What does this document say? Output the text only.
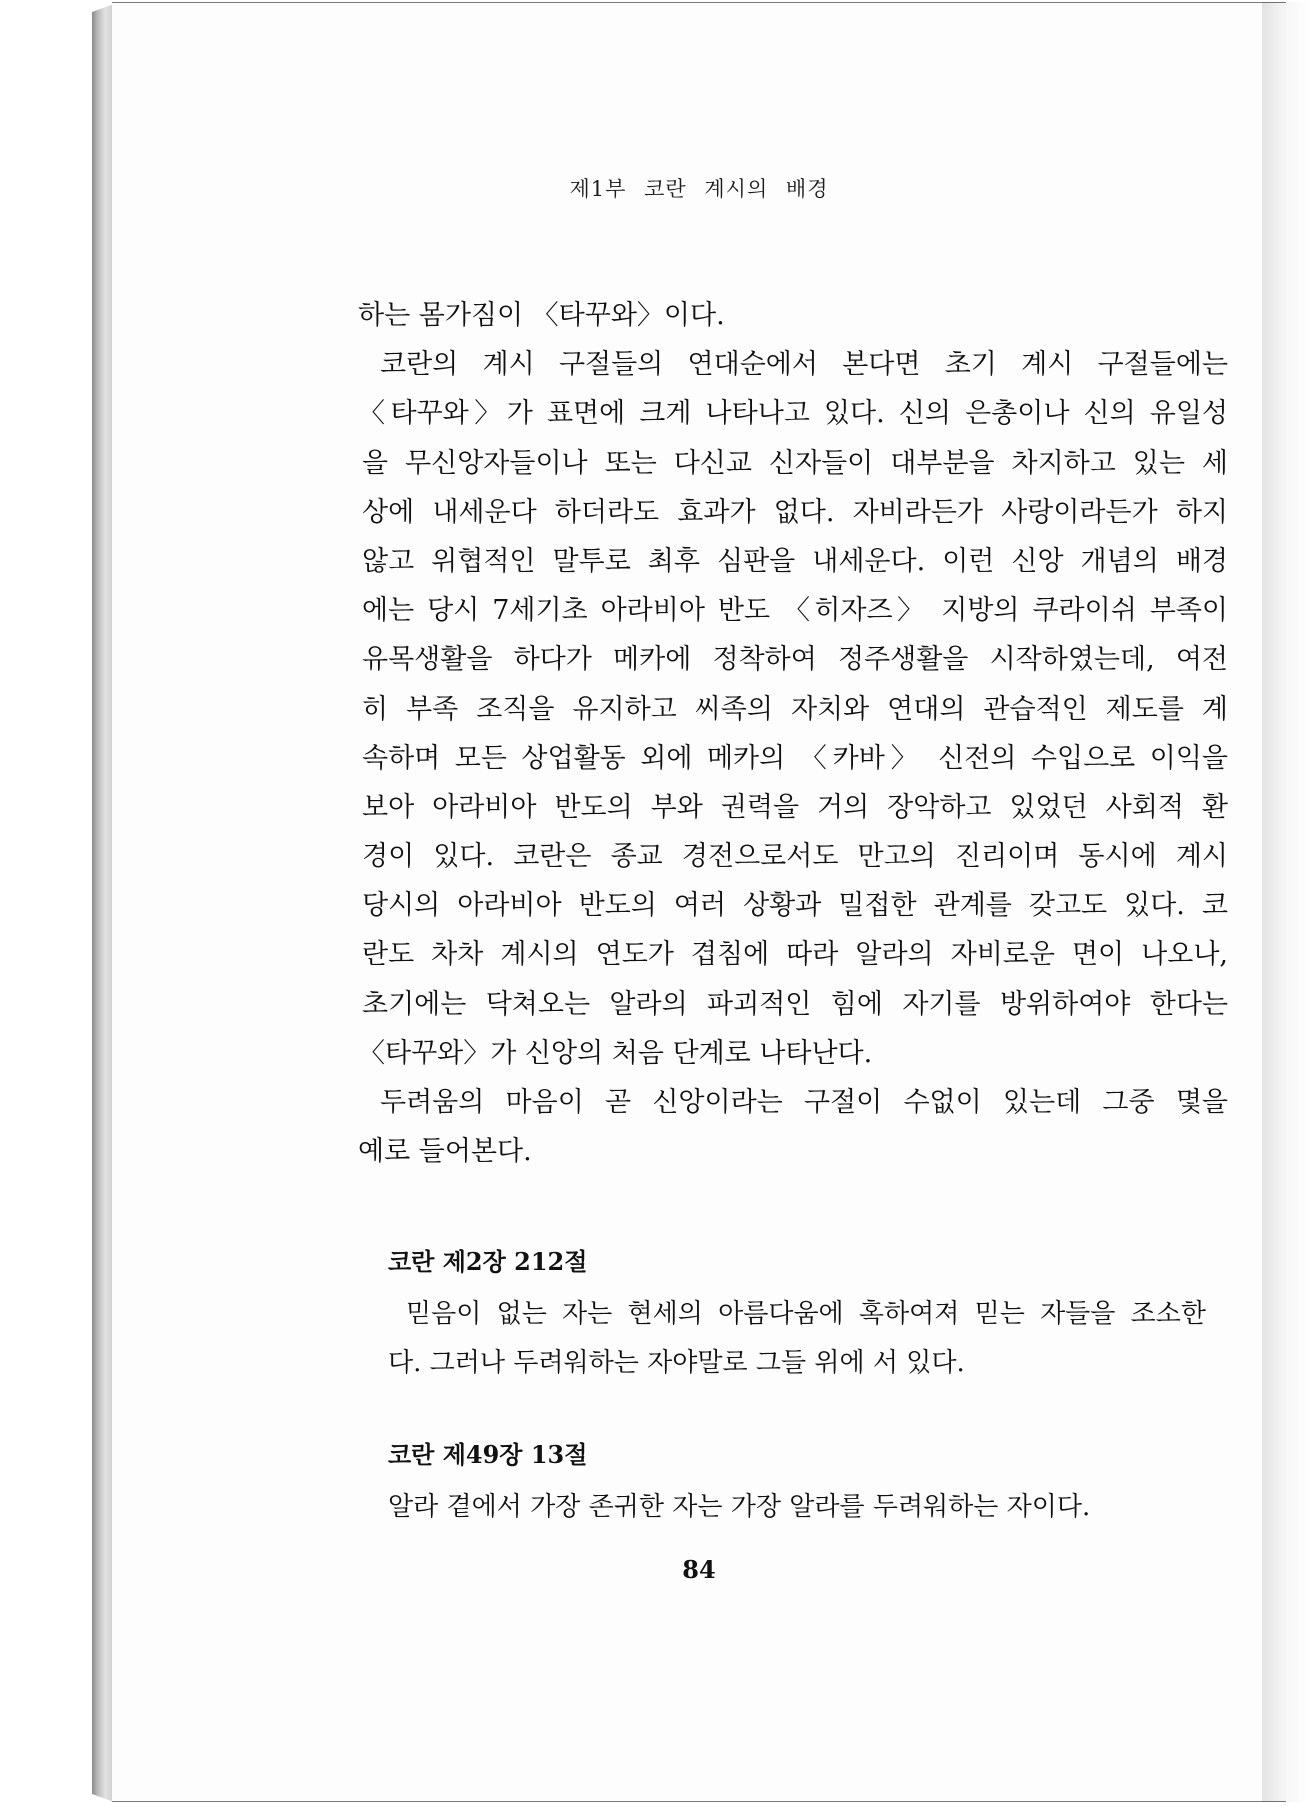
제1부 코란 계시의 배경
하는 몸가짐이 〈타꾸와〉이다.
코란의 계시 구절들의 연대순에서 본다면 초기 계시 구절들에는
〈타꾸와〉가 표면에 크게 나타나고 있다. 신의 은총이나 신의 유일성
을 무신앙자들이나 또는 다신교 신자들이 대부분을 차지하고 있는 세
상에 내세운다 하더라도 효과가 없다. 자비라든가 사랑이라든가 하지
않고 위협적인 말투로 최후 심판을 내세운다. 이런 신앙 개념의 배경
에는 당시 7세기초 아라비아 반도 〈히자즈〉 지방의 쿠라이쉬 부족이
유목생활을 하다가 메카에 정착하여 정주생활을 시작하였는데, 여전
히 부족 조직을 유지하고 씨족의 자치와 연대의 관습적인 제도를 계
속하며 모든 상업활동 외에 메카의 〈카바〉 신전의 수입으로 이익을
보아 아라비아 반도의 부와 권력을 거의 장악하고 있었던 사회적 환
경이 있다. 코란은 종교 경전으로서도 만고의 진리이며 동시에 계시
당시의 아라비아 반도의 여러 상황과 밀접한 관계를 갖고도 있다. 코
란도 차차 계시의 연도가 겹침에 따라 알라의 자비로운 면이 나오나,
초기에는 닥쳐오는 알라의 파괴적인 힘에 자기를 방위하여야 한다는
〈타꾸와〉가 신앙의 처음 단계로 나타난다.
두려움의 마음이 곧 신앙이라는 구절이 수없이 있는데 그중 몇을
예로 들어본다.
코란 제2장 212절
믿음이 없는 자는 현세의 아름다움에 혹하여져 믿는 자들을 조소한
다. 그러나 두려워하는 자야말로 그들 위에 서 있다.
코란 제49장 13절
알라 곁에서 가장 존귀한 자는 가장 알라를 두려워하는 자이다.
84
